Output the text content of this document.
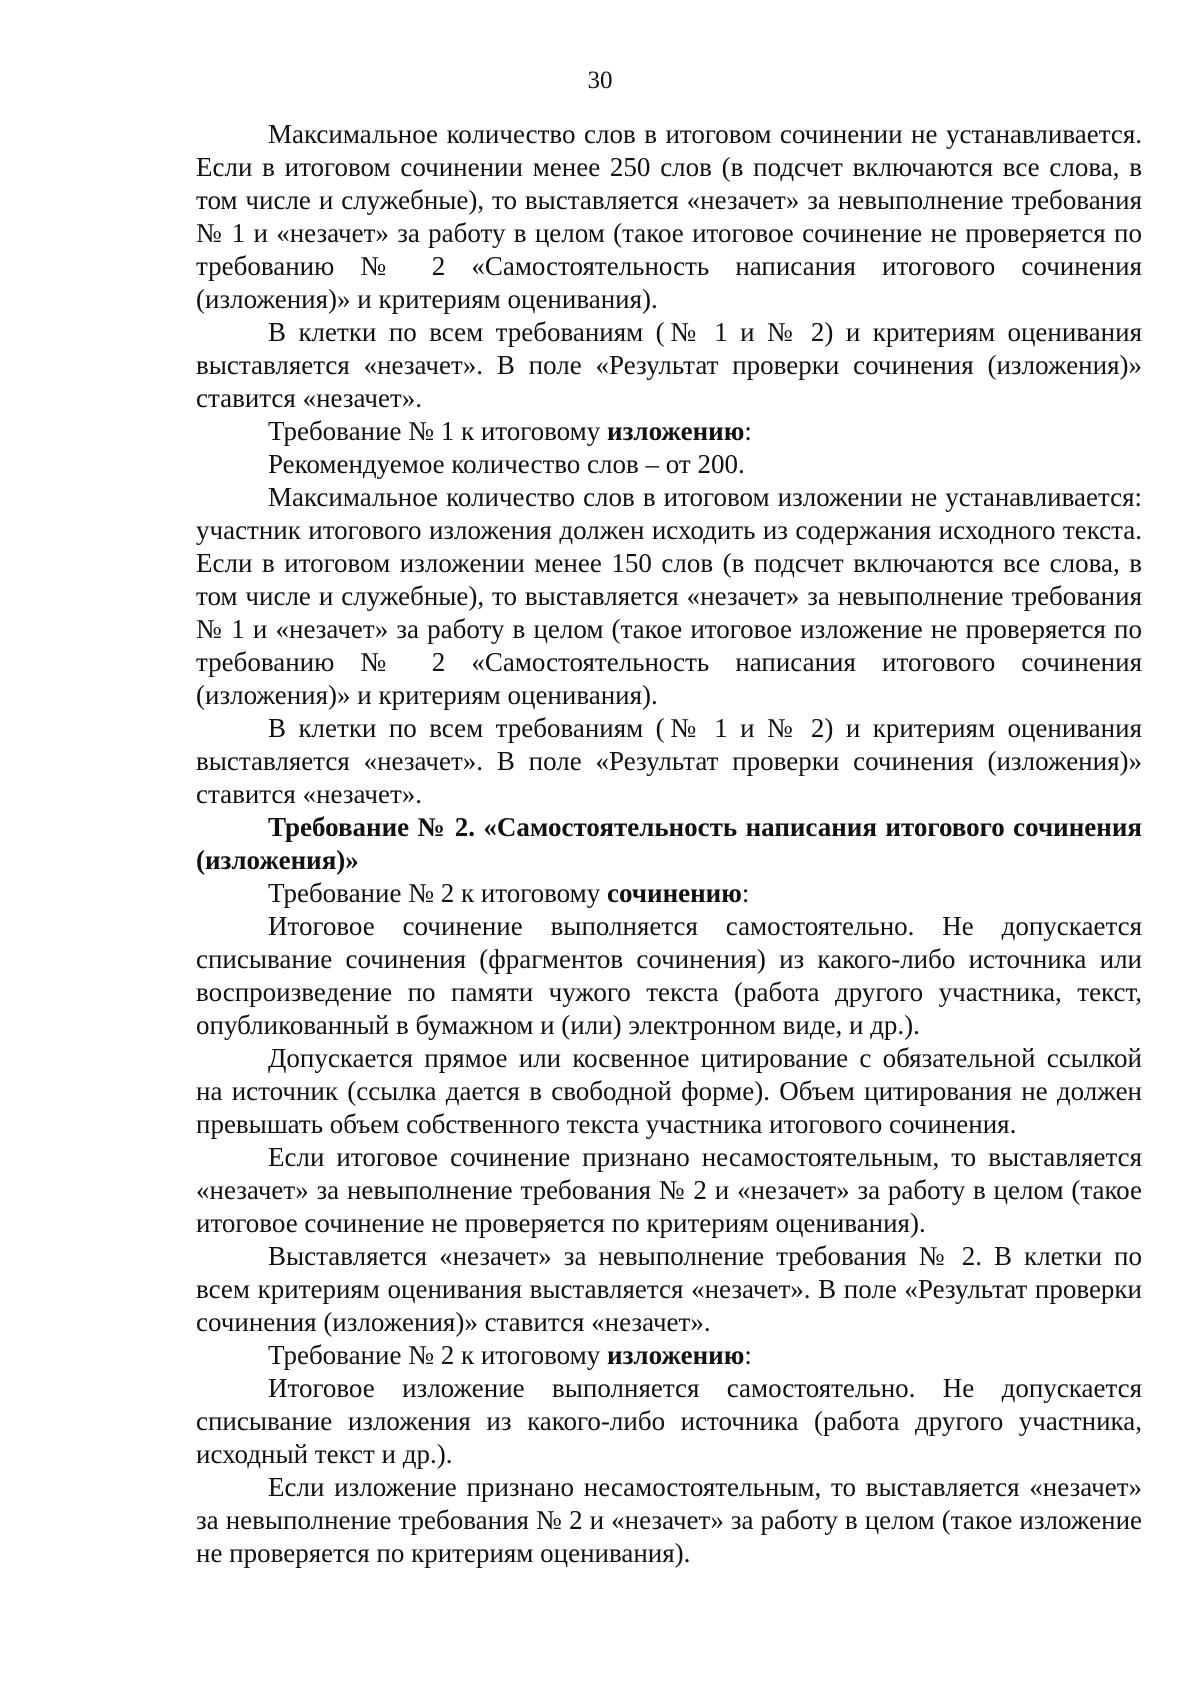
30

Максимальное количество слов в итоговом сочинении не устанавливается. Если в итоговом сочинении менее 250 слов (в подсчет включаются все слова, в том числе и служебные), то выставляется «незачет» за невыполнение требования № 1 и «незачет» за работу в целом (такое итоговое сочинение не проверяется по требованию № 2 «Самостоятельность написания итогового сочинения (изложения)» и критериям оценивания).

В клетки по всем требованиям (№ 1 и № 2) и критериям оценивания выставляется «незачет». В поле «Результат проверки сочинения (изложения)» ставится «незачет».

Требование № 1 к итоговому изложению:

Рекомендуемое количество слов – от 200.

Максимальное количество слов в итоговом изложении не устанавливается: участник итогового изложения должен исходить из содержания исходного текста. Если в итоговом изложении менее 150 слов (в подсчет включаются все слова, в том числе и служебные), то выставляется «незачет» за невыполнение требования № 1 и «незачет» за работу в целом (такое итоговое изложение не проверяется по требованию № 2 «Самостоятельность написания итогового сочинения (изложения)» и критериям оценивания).

В клетки по всем требованиям (№ 1 и № 2) и критериям оценивания выставляется «незачет». В поле «Результат проверки сочинения (изложения)» ставится «незачет».

Требование № 2. «Самостоятельность написания итогового сочинения (изложения)»

Требование № 2 к итоговому сочинению:

Итоговое сочинение выполняется самостоятельно. Не допускается списывание сочинения (фрагментов сочинения) из какого-либо источника или воспроизведение по памяти чужого текста (работа другого участника, текст, опубликованный в бумажном и (или) электронном виде, и др.).

Допускается прямое или косвенное цитирование с обязательной ссылкой на источник (ссылка дается в свободной форме). Объем цитирования не должен превышать объем собственного текста участника итогового сочинения.

Если итоговое сочинение признано несамостоятельным, то выставляется «незачет» за невыполнение требования № 2 и «незачет» за работу в целом (такое итоговое сочинение не проверяется по критериям оценивания).

Выставляется «незачет» за невыполнение требования № 2. В клетки по всем критериям оценивания выставляется «незачет». В поле «Результат проверки сочинения (изложения)» ставится «незачет».

Требование № 2 к итоговому изложению:

Итоговое изложение выполняется самостоятельно. Не допускается списывание изложения из какого-либо источника (работа другого участника, исходный текст и др.).

Если изложение признано несамостоятельным, то выставляется «незачет» за невыполнение требования № 2 и «незачет» за работу в целом (такое изложение не проверяется по критериям оценивания).
